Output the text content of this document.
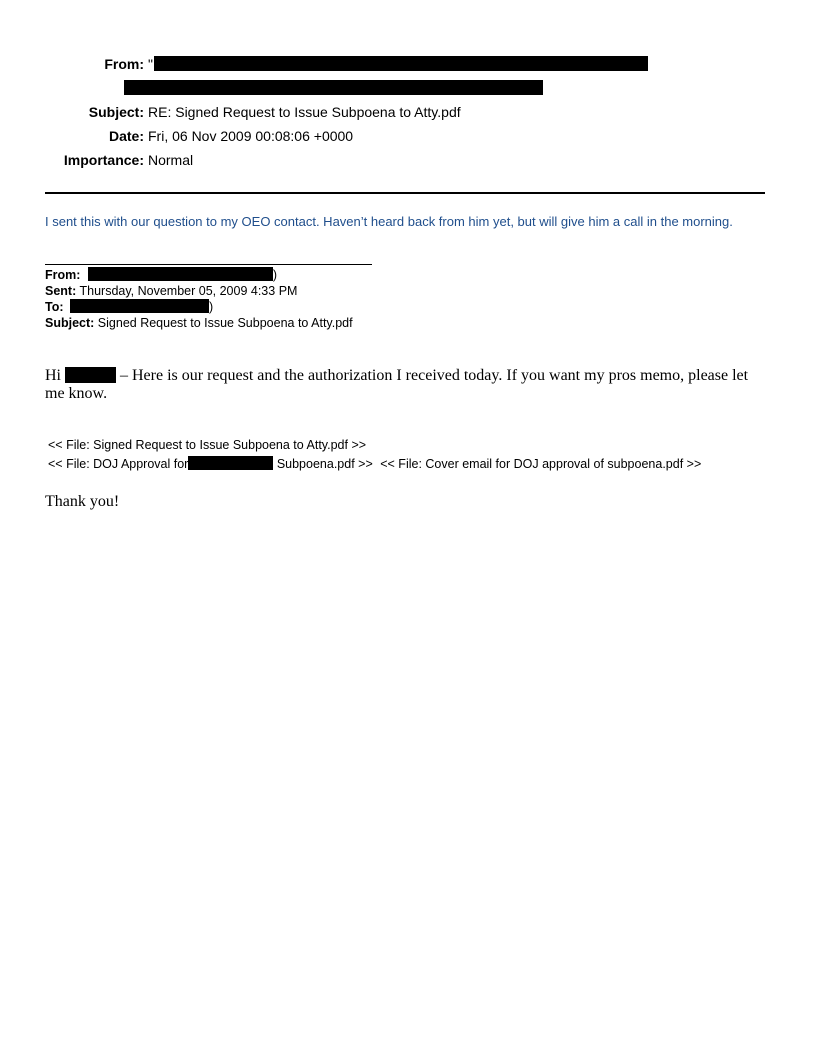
From: "
Subject: RE: Signed Request to Issue Subpoena to Atty.pdf
Date: Fri, 06 Nov 2009 00:08:06 +0000
Importance: Normal
I sent this with our question to my OEO contact. Haven’t heard back from him yet, but will give him a call in the morning.
From:	)
Sent: Thursday, November 05, 2009 4:33 PM
To:	)
Subject: Signed Request to Issue Subpoena to Atty.pdf
Hi	– Here is our request and the authorization I received today. If you want my pros memo, please let me know.
<< File: Signed Request to Issue Subpoena to Atty.pdf >>
<< File: DOJ Approval for	Subpoena.pdf >> << File: Cover email for DOJ approval of subpoena.pdf >>
Thank you!
